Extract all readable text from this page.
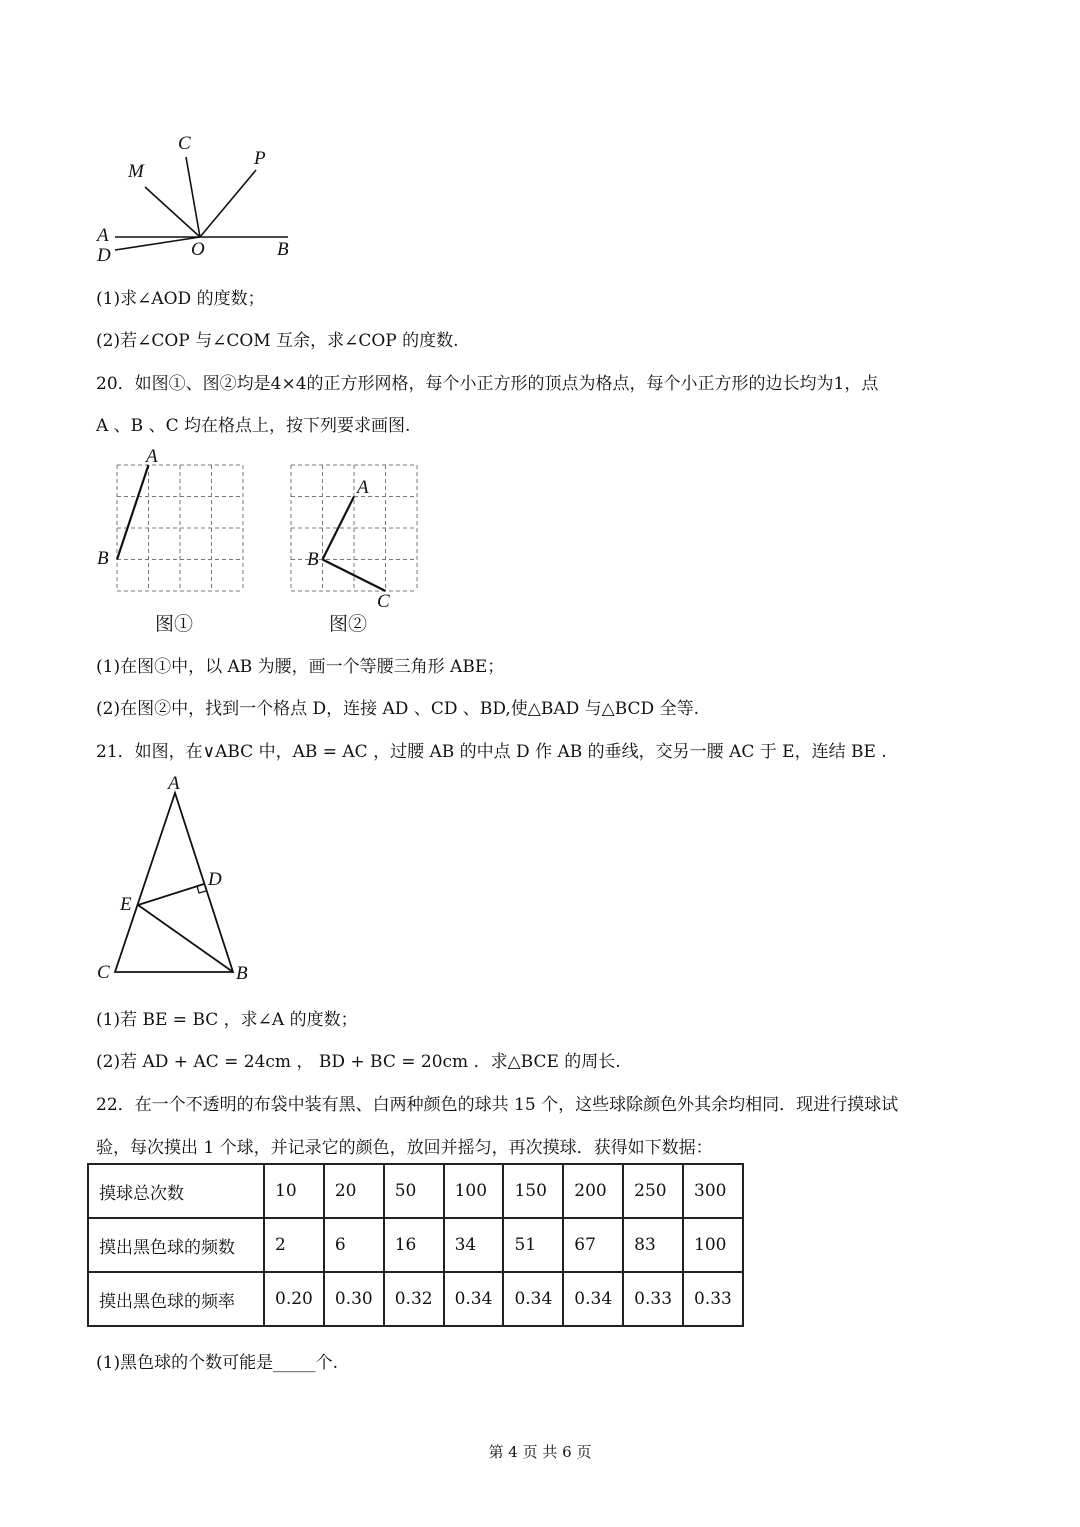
C
M
P
A
D	O	B
(1)求∠AOD 的度数；
(2)若∠COP 与∠COM 互余，求∠COP 的度数.
20．如图①、图②均是4×4的正方形网格，每个小正方形的顶点为格点，每个小正方形的边长均为1，点
A 、B 、C 均在格点上，按下列要求画图.
A
B
图①
A
B
C
图②
(1)在图①中，以 AB 为腰，画一个等腰三角形 ABE；
(2)在图②中，找到一个格点 D，连接 AD 、CD 、BD,使△BAD 与△BCD 全等.
21．如图，在∨ABC 中，AB = AC ，过腰 AB 的中点 D 作 AB 的垂线，交另一腰 AC 于 E，连结 BE .
A
D
E
C	B
(1)若 BE = BC ，求∠A 的度数；
(2)若 AD + AC = 24cm ， BD + BC = 20cm ．求△BCE 的周长.
22．在一个不透明的布袋中装有黑、白两种颜色的球共 15 个，这些球除颜色外其余均相同．现进行摸球试
验，每次摸出 1 个球，并记录它的颜色，放回并摇匀，再次摸球．获得如下数据：
摸球总次数	10	20	50	100	150	200	250	300
摸出黑色球的频数	2	6	16	34	51	67	83	100
摸出黑色球的频率	0.20	0.30	0.32	0.34	0.34	0.34	0.33	0.33
(1)黑色球的个数可能是_____个.
第 4 页 共 6 页
